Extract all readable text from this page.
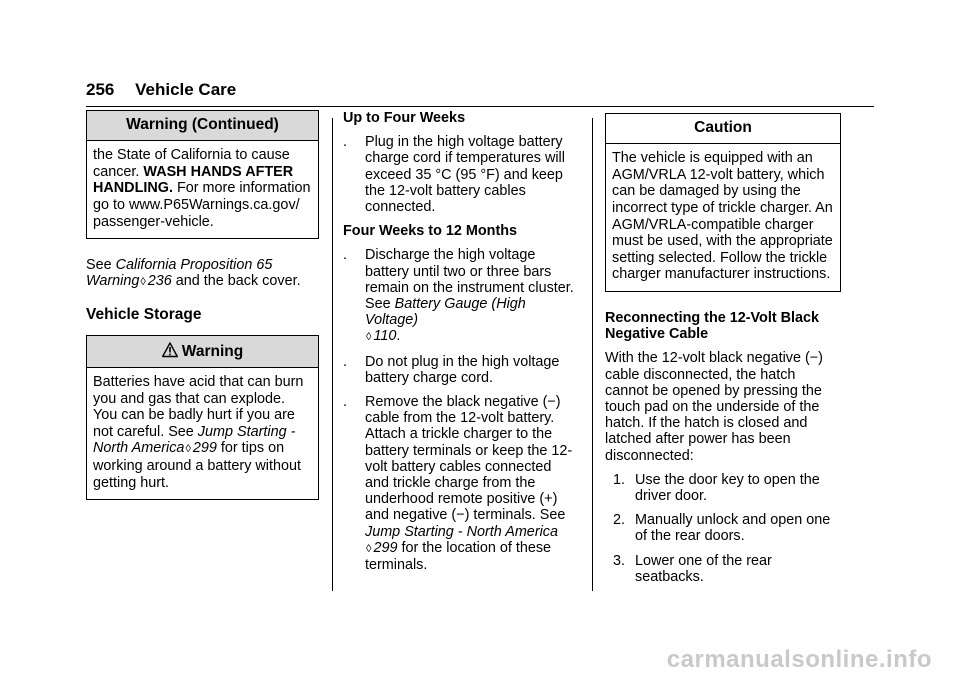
256 Vehicle Care
Warning (Continued)
the State of California to cause cancer. WASH HANDS AFTER HANDLING. For more information go to www.P65Warnings.ca.gov/ passenger-vehicle.

See California Proposition 65 Warning◊ 236 and the back cover.

Vehicle Storage
Warning
Batteries have acid that can burn you and gas that can explode. You can be badly hurt if you are not careful. See Jump Starting - North America◊ 299 for tips on working around a battery without getting hurt.

Up to Four Weeks

. Plug in the high voltage battery charge cord if temperatures will exceed 35 °C (95 °F) and keep the 12-volt battery cables connected.

Four Weeks to 12 Months

. Discharge the high voltage battery until two or three bars remain on the instrument cluster. See Battery Gauge (High Voltage)
◊ 110.
. Do not plug in the high voltage battery charge cord.
. Remove the black negative (−) cable from the 12-volt battery. Attach a trickle charger to the battery terminals or keep the 12-volt battery cables connected and trickle charge from the underhood remote positive (+) and negative (−) terminals. See Jump Starting - North America
◊ 299 for the location of these terminals.
Caution
The vehicle is equipped with an AGM/VRLA 12-volt battery, which can be damaged by using the incorrect type of trickle charger. An AGM/VRLA-compatible charger must be used, with the appropriate setting selected. Follow the trickle charger manufacturer instructions.

Reconnecting the 12-Volt Black Negative Cable

With the 12-volt black negative (−) cable disconnected, the hatch cannot be opened by pressing the touch pad on the underside of the hatch. If the hatch is closed and latched after power has been disconnected:

1. Use the door key to open the driver door.
2. Manually unlock and open one of the rear doors.
3. Lower one of the rear seatbacks.
carmanualsonline.info
